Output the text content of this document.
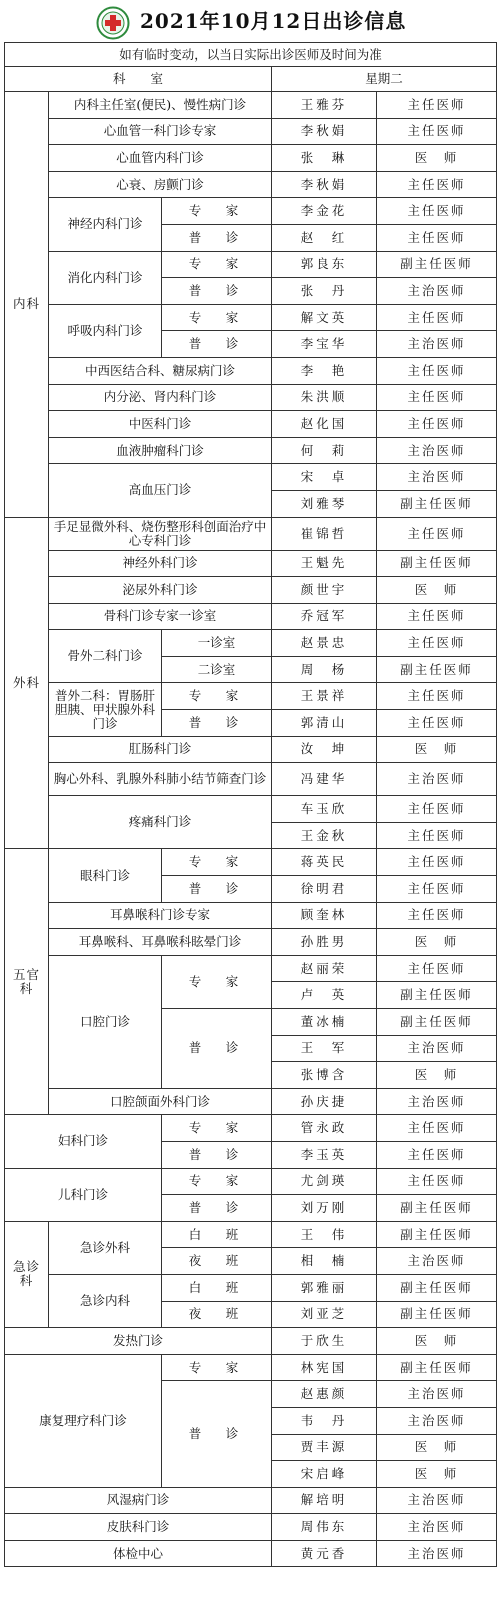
2021年10月12日出诊信息
如有临时变动，以当日实际出诊医师及时间为准				
科　　室			星期二	
内科	内科主任室(便民)、慢性病门诊		王雅芬	主任医师
	心血管一科门诊专家		李秋娟	主任医师
	心血管内科门诊		张　琳	医　师
	心衰、房颤门诊		李秋娟	主任医师
	神经内科门诊	专　家	李金花	主任医师
		普　诊	赵　红	主任医师
	消化内科门诊	专　家	郭良东	副主任医师
		普　诊	张　丹	主治医师
	呼吸内科门诊	专　家	解文英	主任医师
		普　诊	李宝华	主治医师
	中西医结合科、糖尿病门诊		李　艳	主任医师
	内分泌、肾内科门诊		朱洪顺	主任医师
	中医科门诊		赵化国	主任医师
	血液肿瘤科门诊		何　莉	主治医师
	高血压门诊		宋　卓	主治医师
			刘雅琴	副主任医师
外科	手足显微外科、烧伤整形科创面治疗中心专科门诊		崔锦哲	主任医师
	神经外科门诊		王魁先	副主任医师
	泌尿外科门诊		颜世宇	医　师
	骨科门诊专家一诊室		乔冠军	主任医师
	骨外二科门诊	一诊室	赵景忠	主任医师
		二诊室	周　杨	副主任医师
	普外二科：胃肠肝胆胰、甲状腺外科门诊	专　家	王景祥	主任医师
		普　诊	郭清山	主任医师
	肛肠科门诊		汝　坤	医　师
	胸心外科、乳腺外科肺小结节筛查门诊		冯建华	主治医师
	疼痛科门诊		车玉欣	主任医师
			王金秋	主任医师
五官科	眼科门诊	专　家	蒋英民	主任医师
		普　诊	徐明君	主任医师
	耳鼻喉科门诊专家		顾奎林	主任医师
	耳鼻喉科、耳鼻喉科眩晕门诊		孙胜男	医　师
	口腔门诊	专　家	赵丽荣	主任医师
			卢　英	副主任医师
		普　诊	董冰楠	副主任医师
			王　军	主治医师
			张博含	医　师
	口腔颌面外科门诊		孙庆捷	主治医师
妇科门诊		专　家	管永政	主任医师
		普　诊	李玉英	主任医师
儿科门诊		专　家	尤剑瑛	主任医师
		普　诊	刘万刚	副主任医师
急诊科	急诊外科	白　班	王　伟	副主任医师
		夜　班	相　楠	主治医师
	急诊内科	白　班	郭雅丽	副主任医师
		夜　班	刘亚芝	副主任医师
发热门诊			于欣生	医　师
康复理疗科门诊		专　家	林宪国	副主任医师
		普　诊	赵惠颜	主治医师
			韦　丹	主治医师
			贾丰源	医　师
			宋启峰	医　师
风湿病门诊			解培明	主治医师
皮肤科门诊			周伟东	主治医师
体检中心			黄元香	主治医师
